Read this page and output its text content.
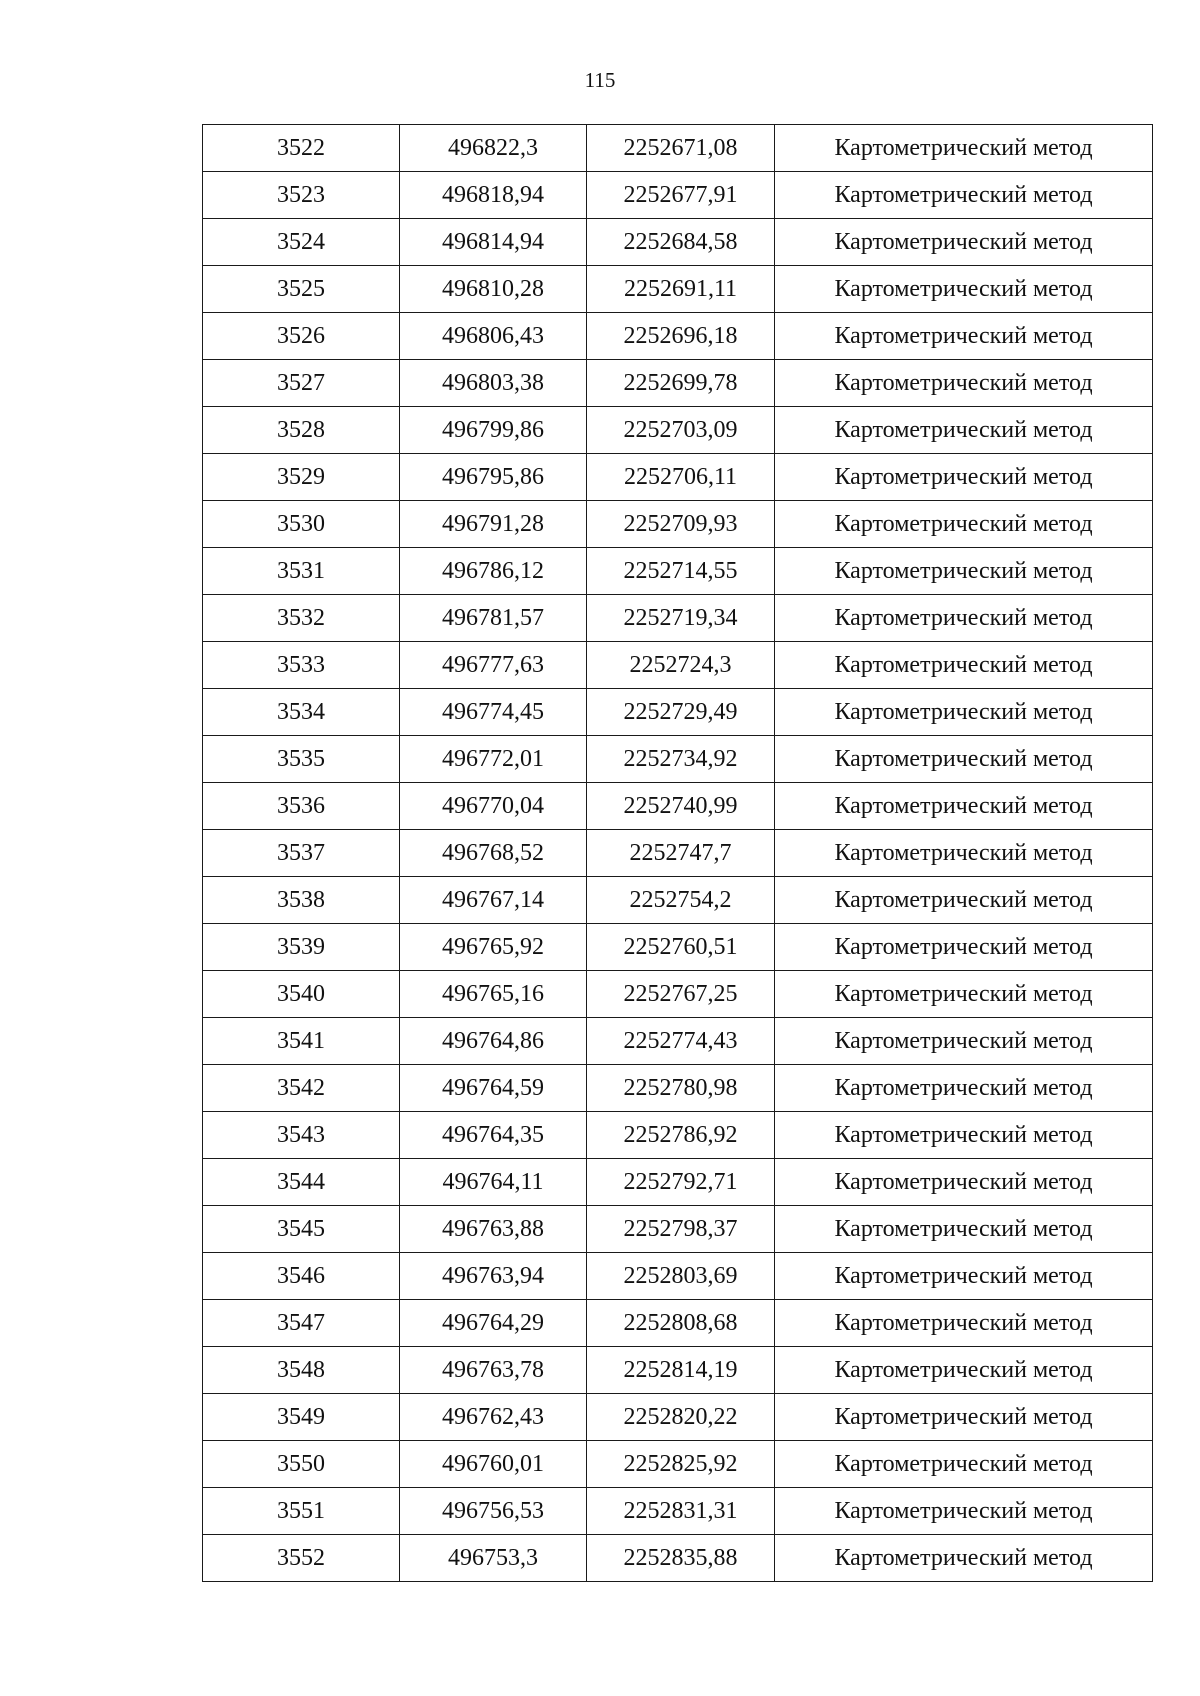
115
3522	496822,3	2252671,08	Картометрический метод
3523	496818,94	2252677,91	Картометрический метод
3524	496814,94	2252684,58	Картометрический метод
3525	496810,28	2252691,11	Картометрический метод
3526	496806,43	2252696,18	Картометрический метод
3527	496803,38	2252699,78	Картометрический метод
3528	496799,86	2252703,09	Картометрический метод
3529	496795,86	2252706,11	Картометрический метод
3530	496791,28	2252709,93	Картометрический метод
3531	496786,12	2252714,55	Картометрический метод
3532	496781,57	2252719,34	Картометрический метод
3533	496777,63	2252724,3	Картометрический метод
3534	496774,45	2252729,49	Картометрический метод
3535	496772,01	2252734,92	Картометрический метод
3536	496770,04	2252740,99	Картометрический метод
3537	496768,52	2252747,7	Картометрический метод
3538	496767,14	2252754,2	Картометрический метод
3539	496765,92	2252760,51	Картометрический метод
3540	496765,16	2252767,25	Картометрический метод
3541	496764,86	2252774,43	Картометрический метод
3542	496764,59	2252780,98	Картометрический метод
3543	496764,35	2252786,92	Картометрический метод
3544	496764,11	2252792,71	Картометрический метод
3545	496763,88	2252798,37	Картометрический метод
3546	496763,94	2252803,69	Картометрический метод
3547	496764,29	2252808,68	Картометрический метод
3548	496763,78	2252814,19	Картометрический метод
3549	496762,43	2252820,22	Картометрический метод
3550	496760,01	2252825,92	Картометрический метод
3551	496756,53	2252831,31	Картометрический метод
3552	496753,3	2252835,88	Картометрический метод
